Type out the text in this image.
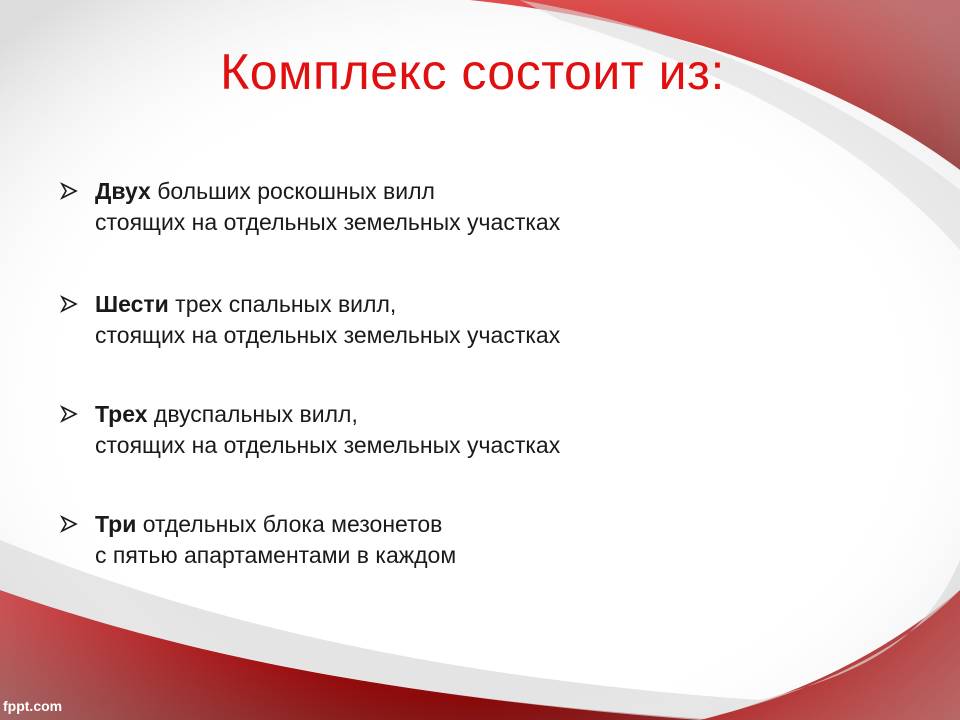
Комплекс состоит из:
Двух больших роскошных вилл
стоящих на отдельных земельных участках
Шести трех спальных вилл,
стоящих на отдельных земельных участках
Трех двуспальных вилл,
стоящих на отдельных земельных участках
Три отдельных блока мезонетов
с пятью апартаментами в каждом
fppt.com
